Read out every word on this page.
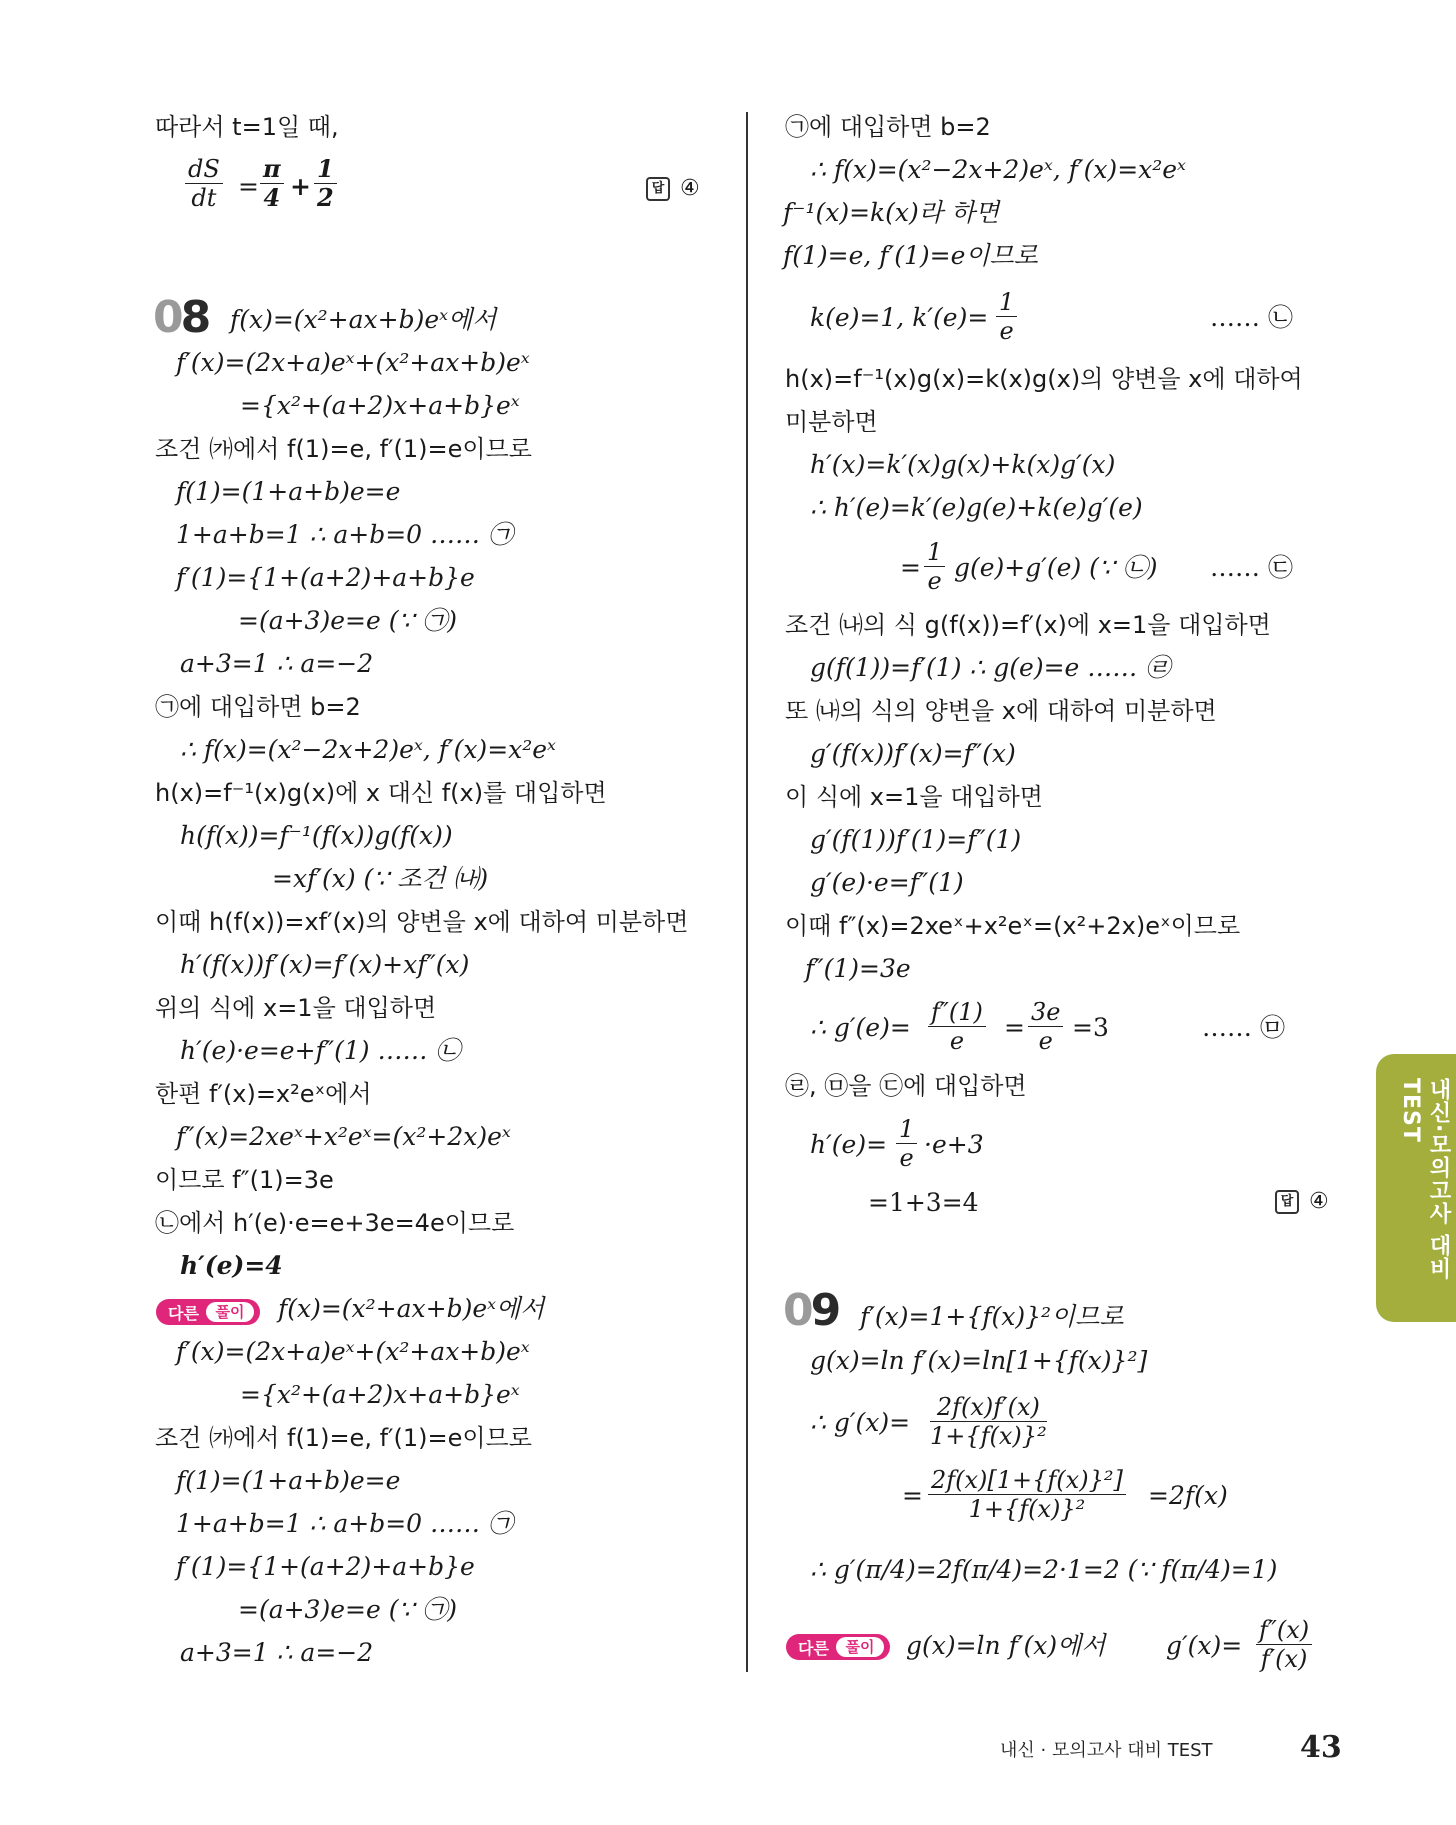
따라서 t=1일 때,
$\frac{dS}{dt} = \frac{\pi}{4} + \frac{1}{2}$	답 ④
08 f(x)=(x²+ax+b)eˣ에서
f′(x)=(2x+a)eˣ+(x²+ax+b)eˣ
={x²+(a+2)x+a+b}eˣ
조건 ㈎에서 f(1)=e, f′(1)=e이므로
f(1)=(1+a+b)e=e
1+a+b=1 ∴ a+b=0 …… ㉠
f′(1)={1+(a+2)+a+b}e
=(a+3)e=e (∵ ㉠)
a+3=1 ∴ a=−2
㉠에 대입하면 b=2
∴ f(x)=(x²−2x+2)eˣ, f′(x)=x²eˣ
h(x)=f⁻¹(x)g(x)에 x 대신 f(x)를 대입하면
h(f(x))=f⁻¹(f(x))g(f(x))
=xf′(x) (∵ 조건 ㈏)
이때 h(f(x))=xf′(x)의 양변을 x에 대하여 미분하면
h′(f(x))f′(x)=f′(x)+xf″(x)
위의 식에 x=1을 대입하면
h′(e)·e=e+f″(1) …… ㉡
한편 f′(x)=x²eˣ에서
f″(x)=2xeˣ+x²eˣ=(x²+2x)eˣ
이므로 f″(1)=3e
㉡에서 h′(e)·e=e+3e=4e이므로
h′(e)=4
다른	풀이	f(x)=(x²+ax+b)eˣ에서
f′(x)=(2x+a)eˣ+(x²+ax+b)eˣ
={x²+(a+2)x+a+b}eˣ
조건 ㈎에서 f(1)=e, f′(1)=e이므로
f(1)=(1+a+b)e=e
1+a+b=1 ∴ a+b=0 …… ㉠
f′(1)={1+(a+2)+a+b}e
=(a+3)e=e (∵ ㉠)
a+3=1 ∴ a=−2
㉠에 대입하면 b=2
∴ f(x)=(x²−2x+2)eˣ, f′(x)=x²eˣ
f⁻¹(x)=k(x)라 하면
f(1)=e, f′(1)=e이므로
k(e)=1, $k'(e)= \frac{1}{e}$	…… ㉡
h(x)=f⁻¹(x)g(x)=k(x)g(x)의 양변을 x에 대하여
미분하면
h′(x)=k′(x)g(x)+k(x)g′(x)
∴ h′(e)=k′(e)g(e)+k(e)g′(e)
= $\frac{1}{e} g(e)+g'(e)$ (∵ ㉡) …… ㉢
조건 ㈏의 식 g(f(x))=f′(x)에 x=1을 대입하면
g(f(1))=f′(1) ∴ g(e)=e …… ㉣
또 ㈏의 식의 양변을 x에 대하여 미분하면
g′(f(x))f′(x)=f″(x)
이 식에 x=1을 대입하면
g′(f(1))f′(1)=f″(1)
g′(e)·e=f″(1)
이때 f″(x)=2xeˣ+x²eˣ=(x²+2x)eˣ이므로
f″(1)=3e
∴ $g'(e)= \frac{f''(1)}{e} = \frac{3e}{e} =3$	…… ㉤
㉣, ㉤을 ㉢에 대입하면
$h'(e)= \frac{1}{e} \cdot e+3$
=1+3=4	답 ④
09 f′(x)=1+{f(x)}²이므로
g(x)=ln f′(x)=ln[1+{f(x)}²]
∴ $g'(x)= \frac{2f(x)f'(x)}{\text{1+\{f(x)\}²}}$
= $\frac{\text{2f(x)[1+\{f(x)\}²]}}{\text{1+\{f(x)\}²}} =2f(x)$
∴ g′(π/4)=2f(π/4)=2·1=2 (∵ f(π/4)=1)
다른	풀이	g(x)=ln f′(x)에서 $g'(x)= \frac{f''(x)}{f'(x)}$
내신·모의고사 대비 TEST
내신 · 모의고사 대비 TEST	43
